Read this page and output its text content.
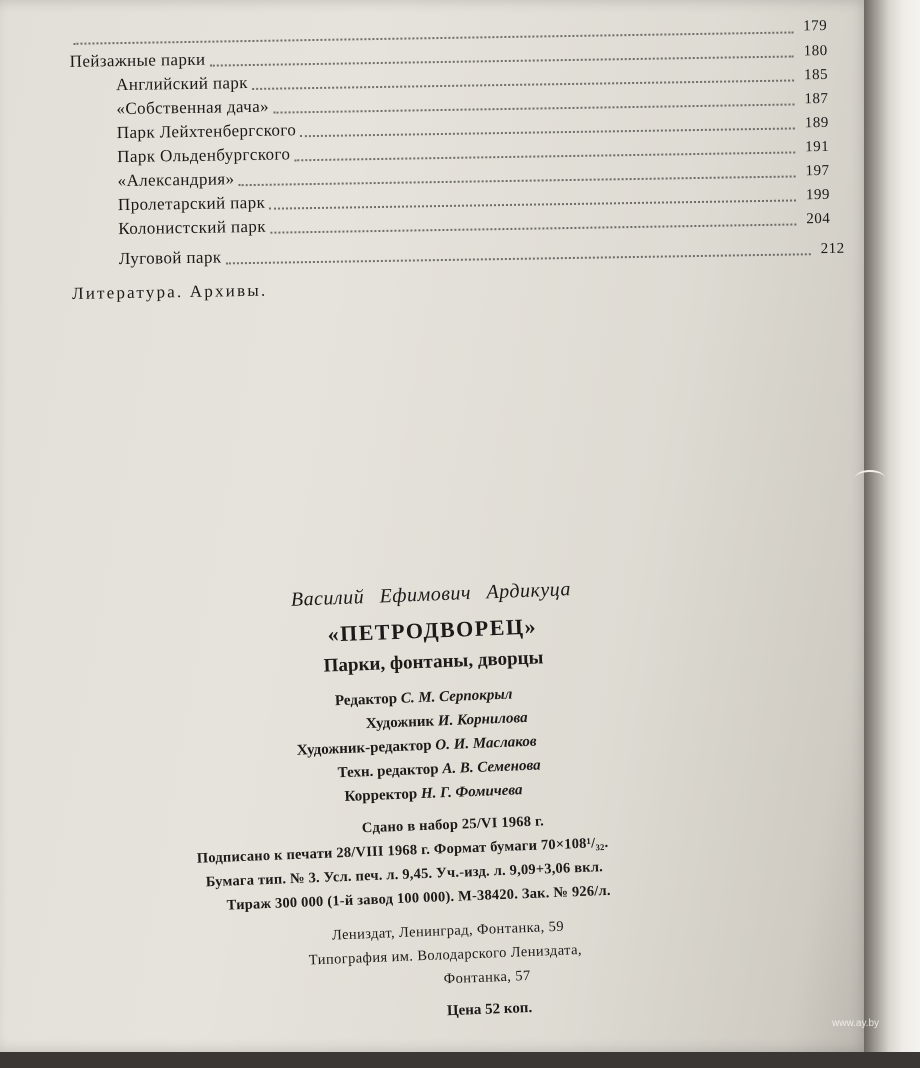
179
Пейзажные парки	180
Английский парк	185
«Собственная дача»	187
Парк Лейхтенбергского	189
Парк Ольденбургского	191
«Александрия»	197
Пролетарский парк	199
Колонистский парк	204
Луговой парк	212
Литература. Архивы.
Василий Ефимович Ардикуца
«ПЕТРОДВОРЕЦ»
Парки, фонтаны, дворцы
Редактор С. М. Серпокрыл
Художник И. Корнилова
Художник-редактор О. И. Маслаков
Техн. редактор А. В. Семенова
Корректор Н. Г. Фомичева
Сдано в набор 25/VI 1968 г.
Подписано к печати 28/VIII 1968 г. Формат бумаги 70×108¹/₃₂.
Бумага тип. № 3. Усл. печ. л. 9,45. Уч.-изд. л. 9,09+3,06 вкл.
Тираж 300 000 (1-й завод 100 000). М-38420. Зак. № 926/л.
Лениздат, Ленинград, Фонтанка, 59
Типография им. Володарского Лениздата,
Фонтанка, 57
Цена 52 коп.
www.ay.by
